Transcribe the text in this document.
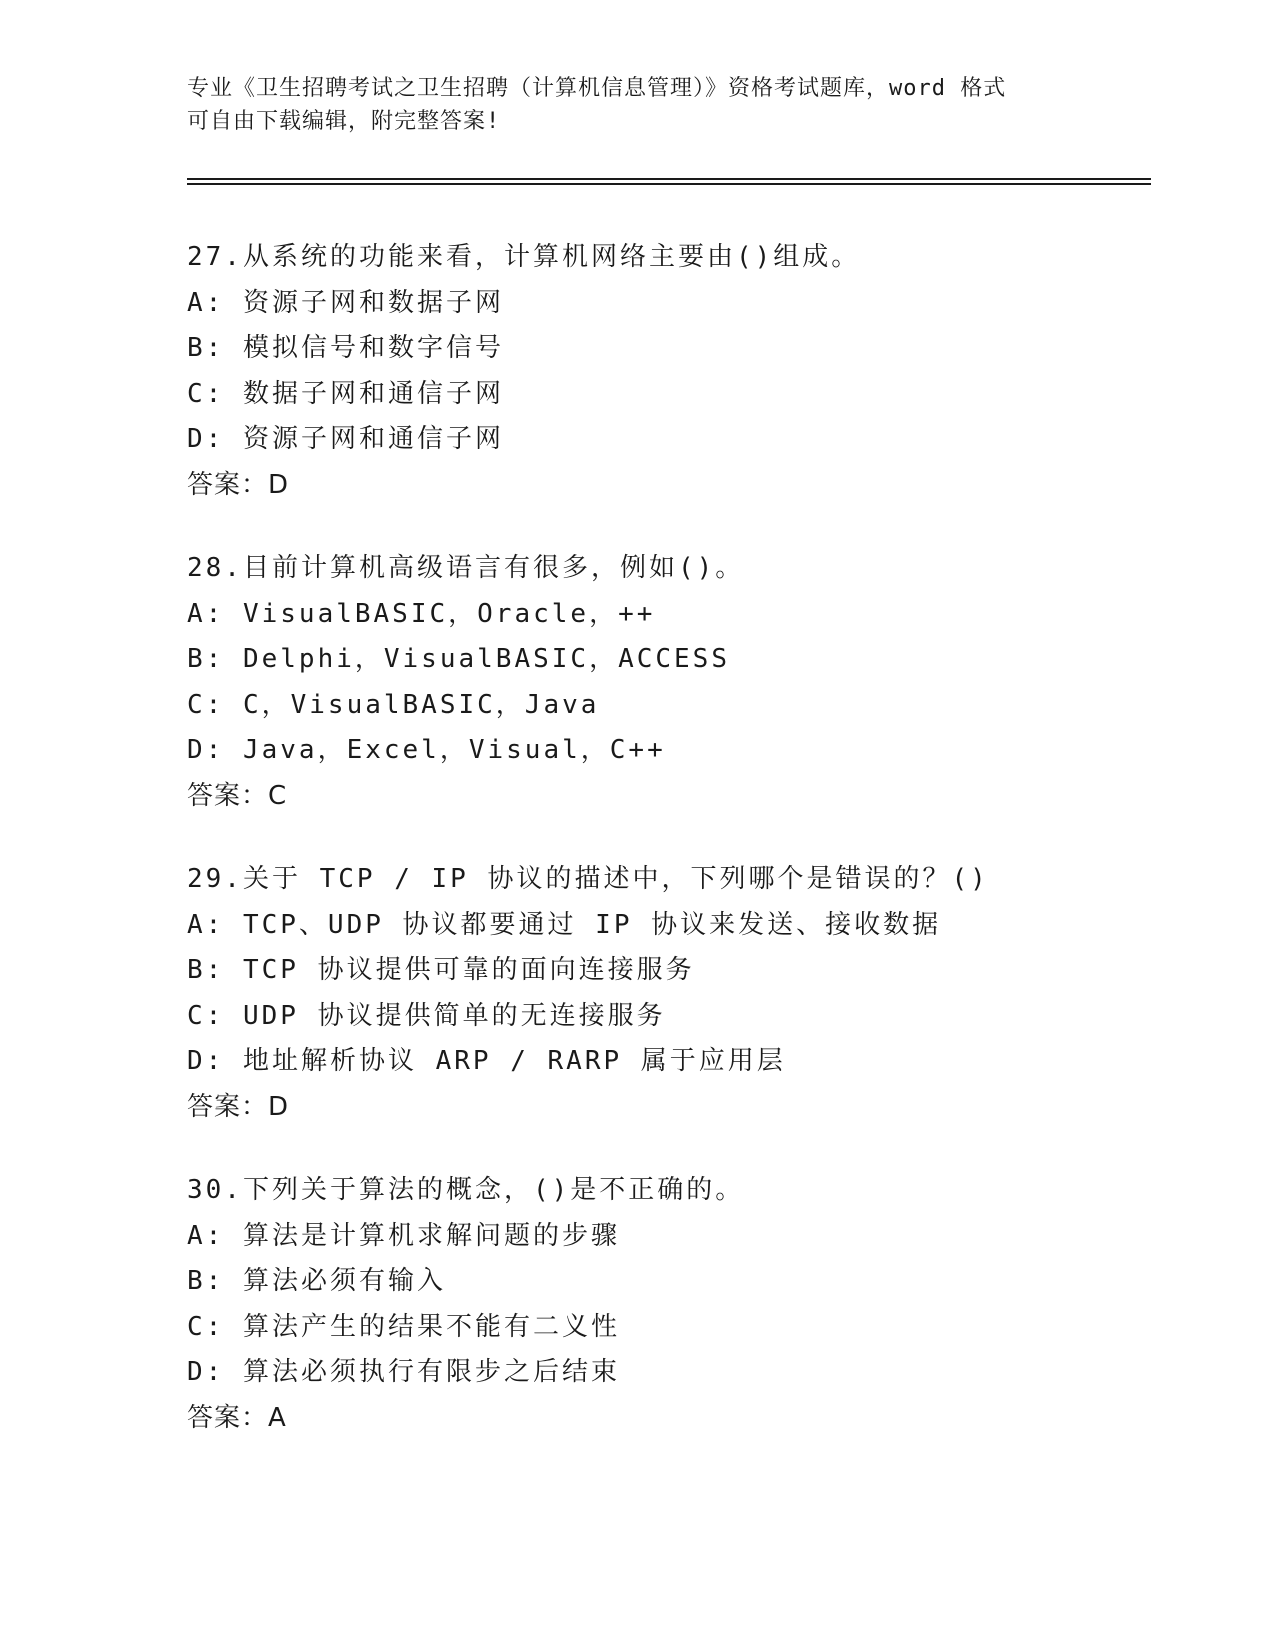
专业《卫生招聘考试之卫生招聘（计算机信息管理）》资格考试题库，word 格式
可自由下载编辑，附完整答案!
27.从系统的功能来看，计算机网络主要由()组成。
A: 资源子网和数据子网
B: 模拟信号和数字信号
C: 数据子网和通信子网
D: 资源子网和通信子网
答案：D
28.目前计算机高级语言有很多，例如()。
A: VisualBASIC，Oracle，++
B: Delphi，VisualBASIC，ACCESS
C: C，VisualBASIC，Java
D: Java，Excel，Visual，C++
答案：C
29.关于 TCP / IP 协议的描述中，下列哪个是错误的？()
A: TCP、UDP 协议都要通过 IP 协议来发送、接收数据
B: TCP 协议提供可靠的面向连接服务
C: UDP 协议提供简单的无连接服务
D: 地址解析协议 ARP / RARP 属于应用层
答案：D
30.下列关于算法的概念，()是不正确的。
A: 算法是计算机求解问题的步骤
B: 算法必须有输入
C: 算法产生的结果不能有二义性
D: 算法必须执行有限步之后结束
答案：A
